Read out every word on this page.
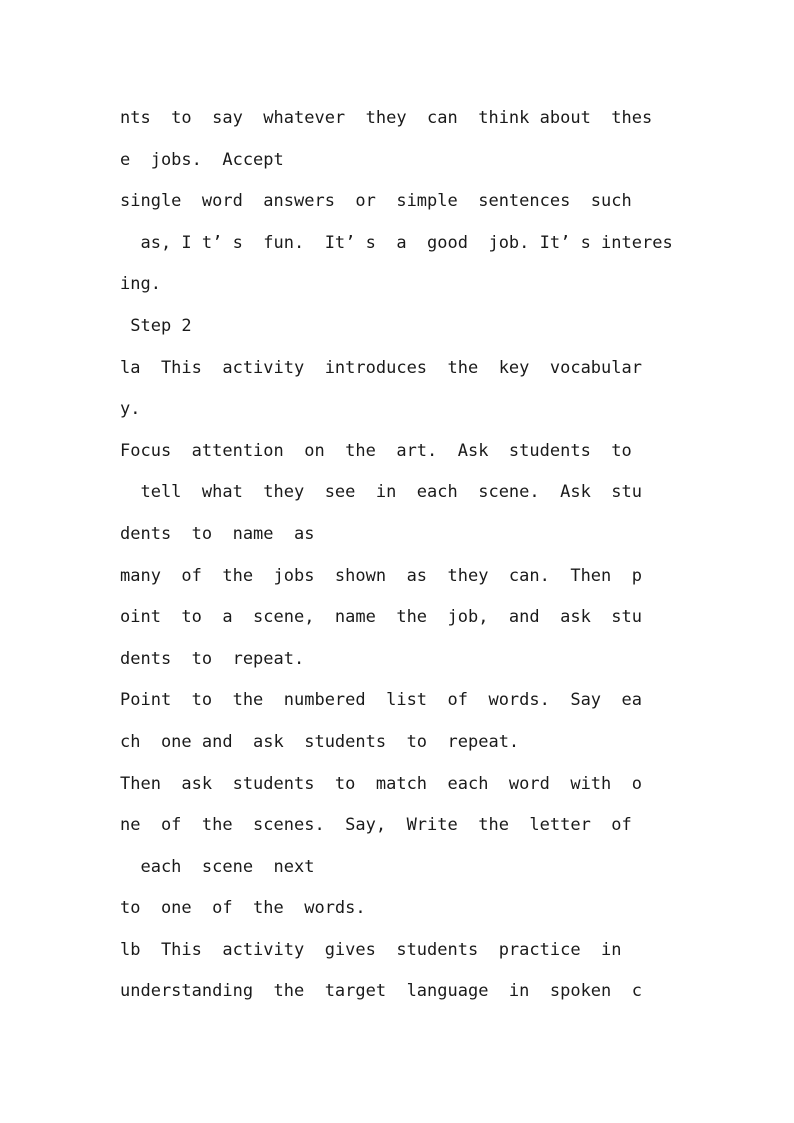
nts  to  say  whatever  they  can  think about  thes
e  jobs.  Accept
single  word  answers  or  simple  sentences  such
as, I t’ s  fun.  It’ s  a  good  job. It’ s interes
ing.
Step 2
la  This  activity  introduces  the  key  vocabular
y.
Focus  attention  on  the  art.  Ask  students  to
tell  what  they  see  in  each  scene.  Ask  stu
dents  to  name  as
many  of  the  jobs  shown  as  they  can.  Then  p
oint  to  a  scene,  name  the  job,  and  ask  stu
dents  to  repeat.
Point  to  the  numbered  list  of  words.  Say  ea
ch  one and  ask  students  to  repeat.
Then  ask  students  to  match  each  word  with  o
ne  of  the  scenes.  Say,  Write  the  letter  of
each  scene  next
to  one  of  the  words.
lb  This  activity  gives  students  practice  in
understanding  the  target  language  in  spoken  c
